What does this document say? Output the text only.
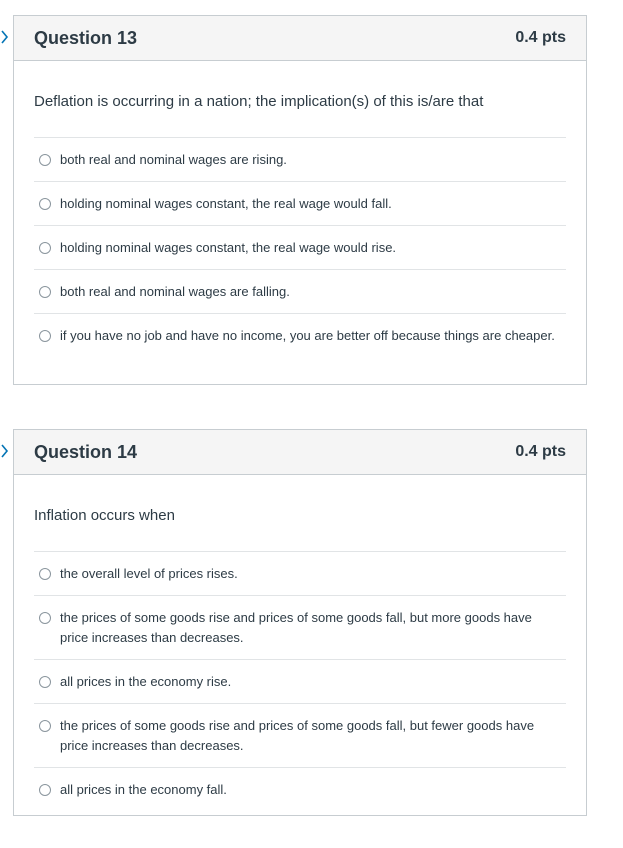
Question 13	0.4 pts
Deflation is occurring in a nation; the implication(s) of this is/are that
both real and nominal wages are rising.
holding nominal wages constant, the real wage would fall.
holding nominal wages constant, the real wage would rise.
both real and nominal wages are falling.
if you have no job and have no income, you are better off because things are cheaper.
Question 14	0.4 pts
Inflation occurs when
the overall level of prices rises.
the prices of some goods rise and prices of some goods fall, but more goods have price increases than decreases.
all prices in the economy rise.
the prices of some goods rise and prices of some goods fall, but fewer goods have price increases than decreases.
all prices in the economy fall.
